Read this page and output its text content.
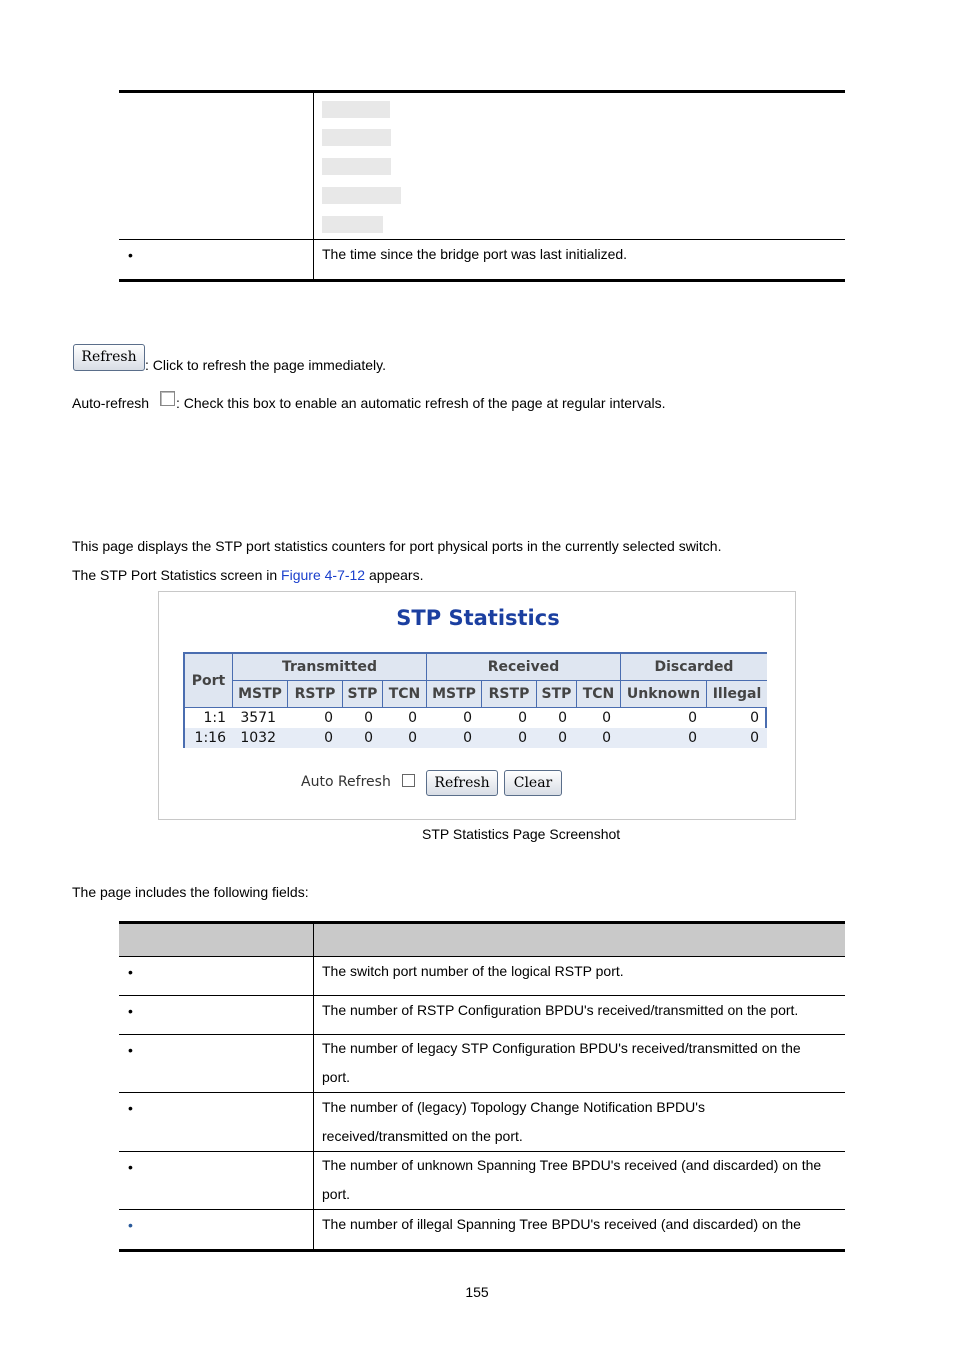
•	The time since the bridge port was last initialized.
Refresh : Click to refresh the page immediately.
Auto-refresh : Check this box to enable an automatic refresh of the page at regular intervals.
This page displays the STP port statistics counters for port physical ports in the currently selected switch.
The STP Port Statistics screen in Figure 4-7-12 appears.
STP Statistics
Port
Transmitted	Received	Discarded
MSTP RSTP STP TCN MSTP RSTP STP TCN Unknown Illegal
1:1	3571	0	0	0	0	0	0	0	0	0
1:16	1032	0	0	0	0	0	0	0	0	0
Auto Refresh	Refresh	Clear
STP Statistics Page Screenshot
The page includes the following fields:
•	The switch port number of the logical RSTP port.
•	The number of RSTP Configuration BPDU's received/transmitted on the port.
•	The number of legacy STP Configuration BPDU's received/transmitted on the
port.
•	The number of (legacy) Topology Change Notification BPDU's
received/transmitted on the port.
•	The number of unknown Spanning Tree BPDU's received (and discarded) on the
port.
•	The number of illegal Spanning Tree BPDU's received (and discarded) on the
155
